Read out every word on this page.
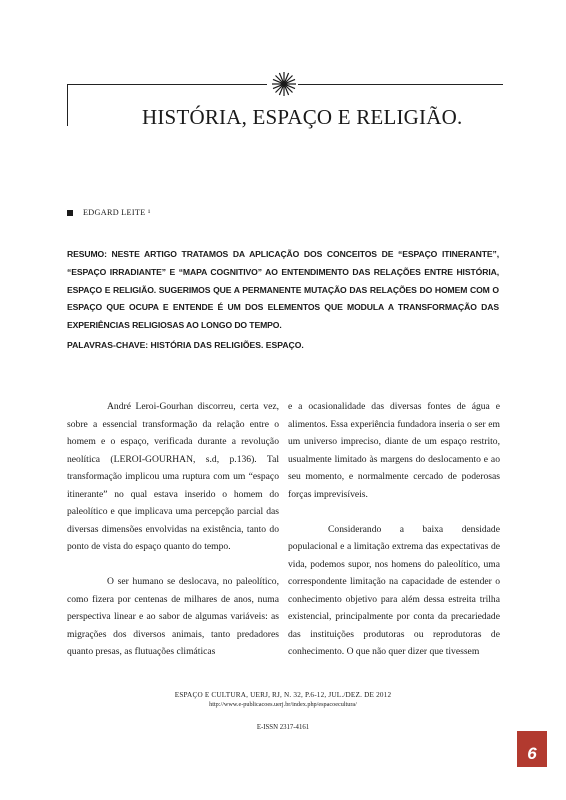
HISTÓRIA, ESPAÇO E RELIGIÃO.
EDGARD LEITE ¹

RESUMO: NESTE ARTIGO TRATAMOS DA APLICAÇÃO DOS CONCEITOS DE “ESPAÇO ITINERANTE”, “ESPAÇO IRRADIANTE” E “MAPA COGNITIVO” AO ENTENDIMENTO DAS RELAÇÕES ENTRE HISTÓRIA, ESPAÇO E RELIGIÃO. SUGERIMOS QUE A PERMANENTE MUTAÇÃO DAS RELAÇÕES DO HOMEM COM O ESPAÇO QUE OCUPA E ENTENDE É UM DOS ELEMENTOS QUE MODULA A TRANSFORMAÇÃO DAS EXPERIÊNCIAS RELIGIOSAS AO LONGO DO TEMPO.

PALAVRAS-CHAVE: HISTÓRIA DAS RELIGIÕES. ESPAÇO.

André Leroi-Gourhan discorreu, certa vez, sobre a essencial transformação da relação entre o homem e o espaço, verificada durante a revolução neolítica (LEROI-GOURHAN, s.d, p.136). Tal transformação implicou uma ruptura com um “espaço itinerante” no qual estava inserido o homem do paleolítico e que implicava uma percepção parcial das diversas dimensões envolvidas na existência, tanto do ponto de vista do espaço quanto do tempo.

O ser humano se deslocava, no paleolítico, como fizera por centenas de milhares de anos, numa perspectiva linear e ao sabor de algumas variáveis: as migrações dos diversos animais, tanto predadores quanto presas, as flutuações climáticas

e a ocasionalidade das diversas fontes de água e alimentos. Essa experiência fundadora inseria o ser em um universo impreciso, diante de um espaço restrito, usualmente limitado às margens do deslocamento e ao seu momento, e normalmente cercado de poderosas forças imprevisíveis.

Considerando a baixa densidade populacional e a limitação extrema das expectativas de vida, podemos supor, nos homens do paleolítico, uma correspondente limitação na capacidade de estender o conhecimento objetivo para além dessa estreita trilha existencial, principalmente por conta da precariedade das instituições produtoras ou reprodutoras de conhecimento. O que não quer dizer que tivessem

ESPAÇO E CULTURA, UERJ, RJ, N. 32, P.6-12, JUL./DEZ. DE 2012
http://www.e-publicacoes.uerj.br/index.php/espacoecultura/
E-ISSN 2317-4161
6
